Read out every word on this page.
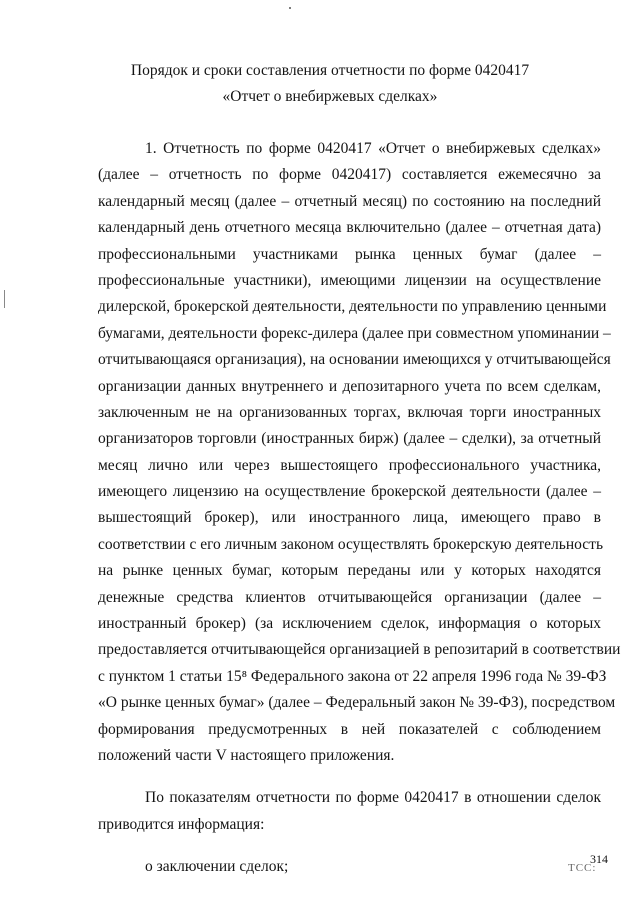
Порядок и сроки составления отчетности по форме 0420417
«Отчет о внебиржевых сделках»
1. Отчетность по форме 0420417 «Отчет о внебиржевых сделках»
(далее – отчетность по форме 0420417) составляется ежемесячно за
календарный месяц (далее – отчетный месяц) по состоянию на последний
календарный день отчетного месяца включительно (далее – отчетная дата)
профессиональными участниками рынка ценных бумаг (далее –
профессиональные участники), имеющими лицензии на осуществление
дилерской, брокерской деятельности, деятельности по управлению ценными
бумагами, деятельности форекс-дилера (далее при совместном упоминании –
отчитывающаяся организация), на основании имеющихся у отчитывающейся
организации данных внутреннего и депозитарного учета по всем сделкам,
заключенным не на организованных торгах, включая торги иностранных
организаторов торговли (иностранных бирж) (далее – сделки), за отчетный
месяц лично или через вышестоящего профессионального участника,
имеющего лицензию на осуществление брокерской деятельности (далее –
вышестоящий брокер), или иностранного лица, имеющего право в
соответствии с его личным законом осуществлять брокерскую деятельность
на рынке ценных бумаг, которым переданы или у которых находятся
денежные средства клиентов отчитывающейся организации (далее –
иностранный брокер) (за исключением сделок, информация о которых
предоставляется отчитывающейся организацией в репозитарий в соответствии
с пунктом 1 статьи 15⁸ Федерального закона от 22 апреля 1996 года № 39-ФЗ
«О рынке ценных бумаг» (далее – Федеральный закон № 39-ФЗ), посредством
формирования предусмотренных в ней показателей с соблюдением
положений части V настоящего приложения.
По показателям отчетности по форме 0420417 в отношении сделок
приводится информация:
о заключении сделок;	314
ТСС:
